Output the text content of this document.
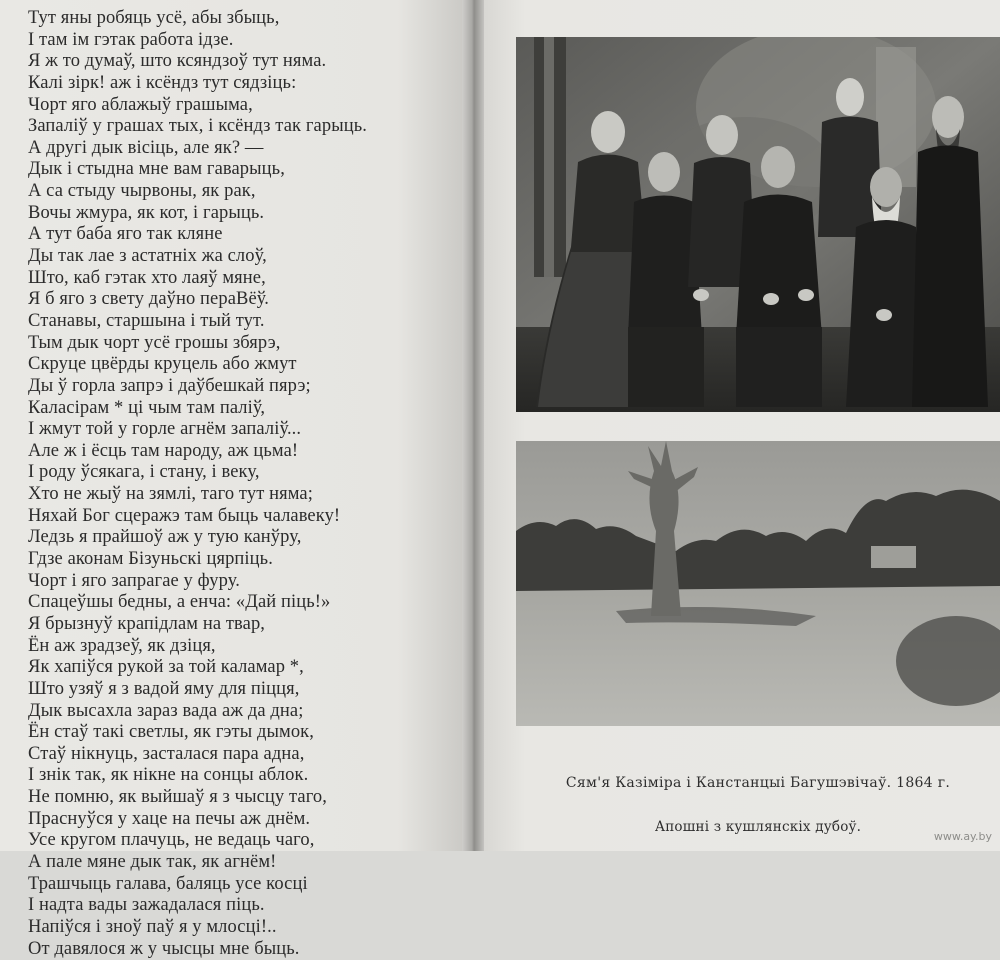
Тут яны робяць усё, абы збыць,
І там ім гэтак работа ідзе.
Я ж то думаў, што ксяндзоў тут няма.
Калі зірк! аж і ксёндз тут сядзіць:
Чорт яго аблажыў грашыма,
Запаліў у грашах тых, і ксёндз так гарыць.
А другі дык вісіць, але як? —
Дык і стыдна мне вам гаварыць,
А са стыду чырвоны, як рак,
Вочы жмура, як кот, і гарыць.
А тут баба яго так кляне
Ды так лае з астатніх жа слоў,
Што, каб гэтак хто лаяў мяне,
Я б яго з свету даўно пераВёў.
Станавы, старшына і тый тут.
Тым дык чорт усё грошы збярэ,
Скруце цвёрды круцель або жмут
Ды ў горла запрэ і даўбешкай пярэ;
Каласірам * ці чым там паліў,
І жмут той у горле агнём запаліў...
Але ж і ёсць там народу, аж цьма!
І роду ўсякага, і стану, і веку,
Хто не жыў на зямлі, таго тут няма;
Няхай Бог сцеражэ там быць чалавеку!
Ледзь я прайшоў аж у тую канўру,
Гдзе аконам Бізуньскі цярпіць.
Чорт і яго запрагае у фуру.
Спацеўшы бедны, а енча: «Дай піць!»
Я брызнуў крапідлам на твар,
Ён аж зрадзеў, як дзіця,
Як хапіўся рукой за той каламар *,
Што узяў я з вадой яму для піцця,
Дык высахла зараз вада аж да дна;
Ён стаў такі светлы, як гэты дымок,
Стаў нікнуць, засталася пара адна,
І знік так, як нікне на сонцы аблок.
Не помню, як выйшаў я з чысцу таго,
Праснуўся у хаце на печы аж днём.
Усе кругом плачуць, не ведаць чаго,
А пале мяне дык так, як агнём!
Трашчыць галава, баляць усе косці
І надта вады зажадалася піць.
Напіўся і зноў паў я у млосці!..
От давялося ж у чысцы мне быць.
Сям'я Казіміра і Канстанцыі Багушэвічаў. 1864 г.
Апошні з кушлянскіх дубоў.
www.ay.by
